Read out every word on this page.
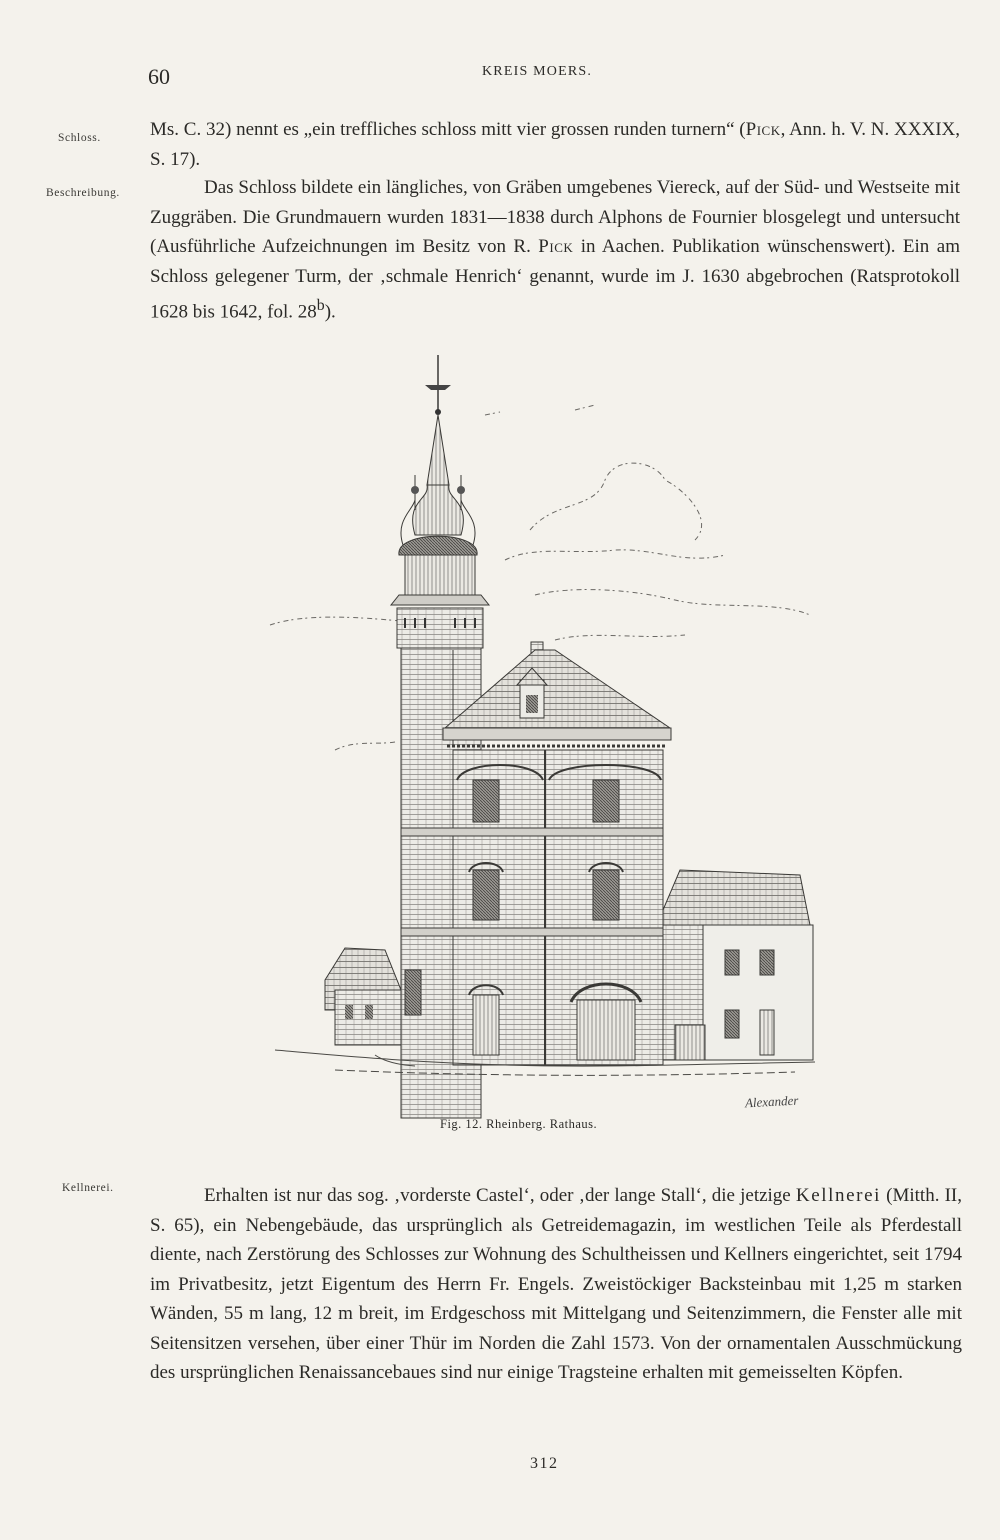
60	KREIS MOERS.
Schloss.
Beschreibung.
Kellnerei.

Ms. C. 32) nennt es „ein treffliches schloss mitt vier grossen runden turnern“ (Pick, Ann. h. V. N. XXXIX, S. 17).

Das Schloss bildete ein längliches, von Gräben umgebenes Viereck, auf der Süd- und Westseite mit Zuggräben. Die Grundmauern wurden 1831—1838 durch Alphons de Fournier blosgelegt und untersucht (Ausführliche Aufzeichnungen im Besitz von R. Pick in Aachen. Publikation wünschenswert). Ein am Schloss gelegener Turm, der ‚schmale Henrich‘ genannt, wurde im J. 1630 abgebrochen (Ratsprotokoll 1628 bis 1642, fol. 28$^b$).

Alexander
Fig. 12. Rheinberg. Rathaus.

Erhalten ist nur das sog. ‚vorderste Castel‘, oder ‚der lange Stall‘, die jetzige Kellnerei (Mitth. II, S. 65), ein Nebengebäude, das ursprünglich als Getreidemagazin, im westlichen Teile als Pferdestall diente, nach Zerstörung des Schlosses zur Wohnung des Schultheissen und Kellners eingerichtet, seit 1794 im Privatbesitz, jetzt Eigentum des Herrn Fr. Engels. Zweistöckiger Backsteinbau mit 1,25 m starken Wänden, 55 m lang, 12 m breit, im Erdgeschoss mit Mittelgang und Seitenzimmern, die Fenster alle mit Seitensitzen versehen, über einer Thür im Norden die Zahl 1573. Von der ornamentalen Ausschmückung des ursprünglichen Renaissancebaues sind nur einige Tragsteine erhalten mit gemeisselten Köpfen.

312
